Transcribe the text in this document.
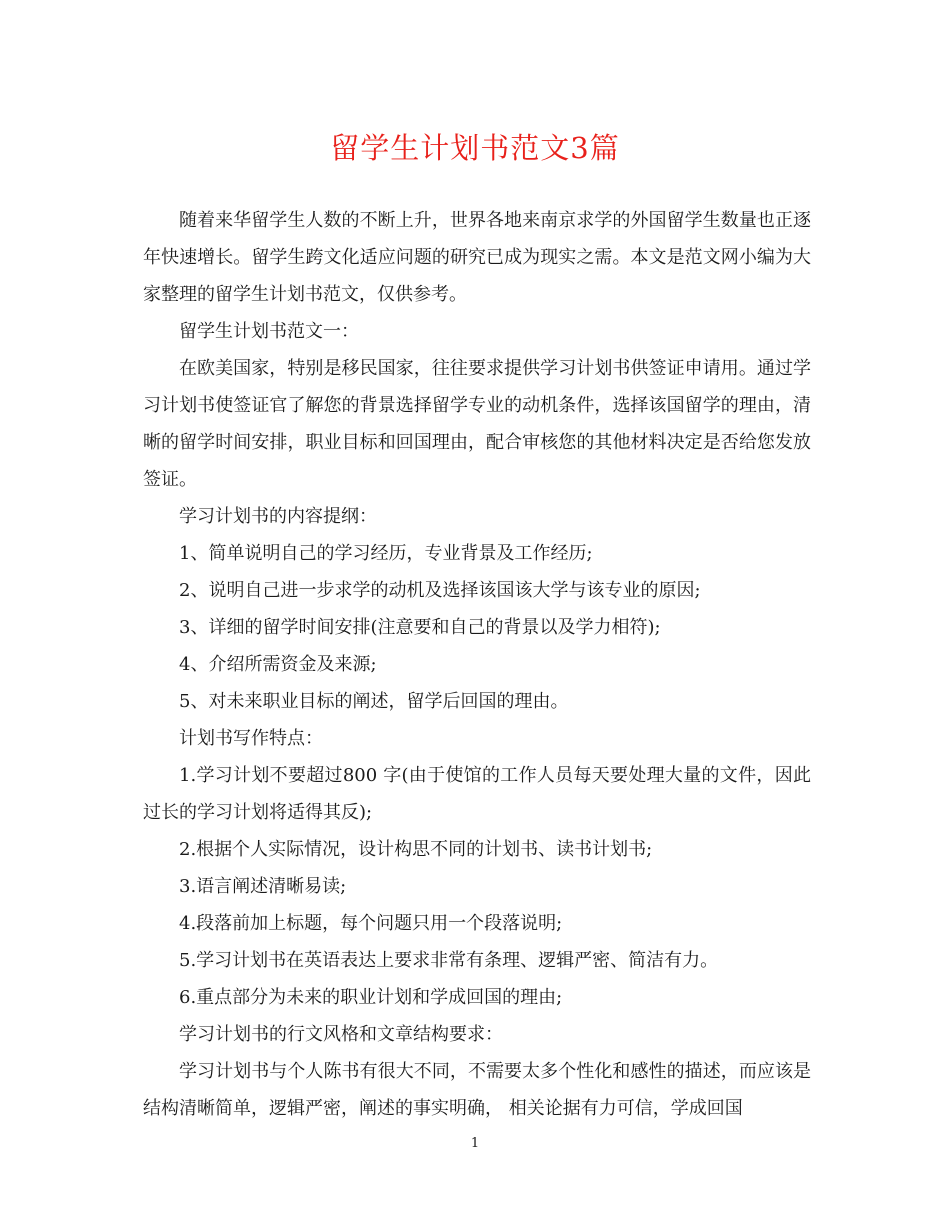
留学生计划书范文3篇

随着来华留学生人数的不断上升，世界各地来南京求学的外国留学生数量也正逐年快速增长。留学生跨文化适应问题的研究已成为现实之需。本文是范文网小编为大家整理的留学生计划书范文，仅供参考。

留学生计划书范文一：

在欧美国家，特别是移民国家，往往要求提供学习计划书供签证申请用。通过学习计划书使签证官了解您的背景选择留学专业的动机条件，选择该国留学的理由，清晰的留学时间安排，职业目标和回国理由，配合审核您的其他材料决定是否给您发放签证。

学习计划书的内容提纲：

1、简单说明自己的学习经历，专业背景及工作经历;

2、说明自己进一步求学的动机及选择该国该大学与该专业的原因;

3、详细的留学时间安排(注意要和自己的背景以及学力相符);

4、介绍所需资金及来源;

5、对未来职业目标的阐述，留学后回国的理由。

计划书写作特点：

1.学习计划不要超过800 字(由于使馆的工作人员每天要处理大量的文件，因此过长的学习计划将适得其反);

2.根据个人实际情况，设计构思不同的计划书、读书计划书;

3.语言阐述清晰易读;

4.段落前加上标题，每个问题只用一个段落说明;

5.学习计划书在英语表达上要求非常有条理、逻辑严密、简洁有力。

6.重点部分为未来的职业计划和学成回国的理由;

学习计划书的行文风格和文章结构要求：

学习计划书与个人陈书有很大不同，不需要太多个性化和感性的描述，而应该是结构清晰简单，逻辑严密，阐述的事实明确， 相关论据有力可信，学成回国

1
